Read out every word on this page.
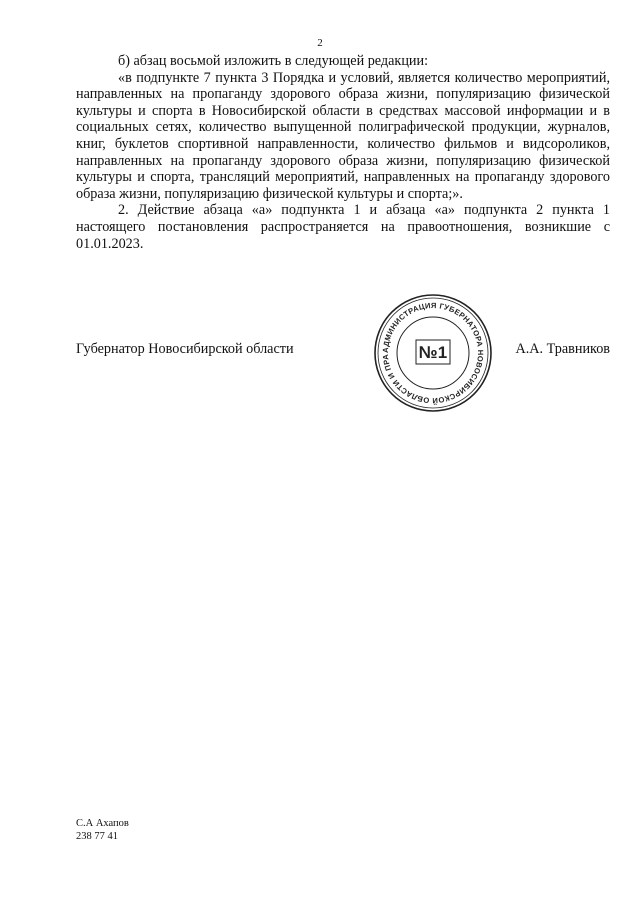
2

б) абзац восьмой изложить в следующей редакции:

«в подпункте 7 пункта 3 Порядка и условий, является количество мероприятий, направленных на пропаганду здорового образа жизни, популяризацию физической культуры и спорта в Новосибирской области в средствах массовой информации и в социальных сетях, количество выпущенной полиграфической продукции, журналов, книг, буклетов спортивной направленности, количество фильмов и видсороликов, направленных на пропаганду здорового образа жизни, популяризацию физической культуры и спорта, трансляций мероприятий, направленных на пропаганду здорового образа жизни, популяризацию физической культуры и спорта;».

2. Действие абзаца «а» подпункта 1 и абзаца «а» подпункта 2 пункта 1 настоящего постановления распространяется на правоотношения, возникшие с 01.01.2023.

Губернатор Новосибирской области	А.А. Травников
АДМИНИСТРАЦИЯ ГУБЕРНАТОРА НОВОСИБИРСКОЙ ОБЛАСТИ И ПРА	№1
С.А Ахапов
238 77 41
